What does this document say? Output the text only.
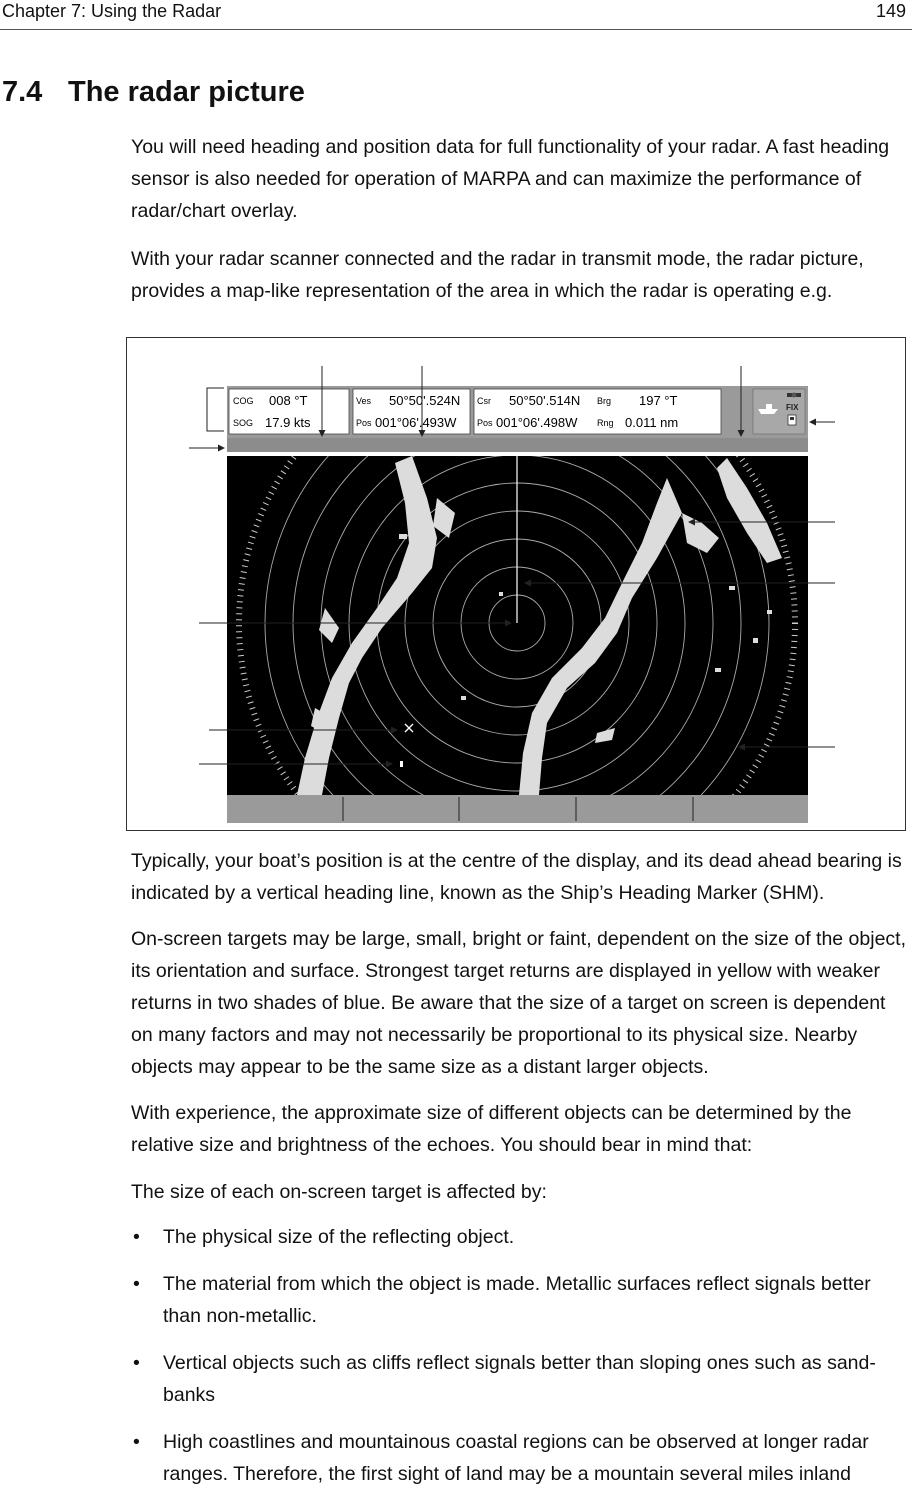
Chapter 7: Using the Radar	149
7.4 The radar picture

You will need heading and position data for full functionality of your radar. A fast heading sensor is also needed for operation of MARPA and can maximize the performance of radar/chart overlay.

With your radar scanner connected and the radar in transmit mode, the radar picture, provides a map-like representation of the area in which the radar is operating e.g.

COG 008 °T
SOG 17.9 kts
Ves 50°50'.524N
Pos 001°06'.493W
Csr 50°50'.514N Brg 197 °T
Pos 001°06'.498W Rng 0.011 nm
FIX

Typically, your boat’s position is at the centre of the display, and its dead ahead bearing is indicated by a vertical heading line, known as the Ship’s Heading Marker (SHM).

On-screen targets may be large, small, bright or faint, dependent on the size of the object, its orientation and surface. Strongest target returns are displayed in yellow with weaker returns in two shades of blue. Be aware that the size of a target on screen is dependent on many factors and may not necessarily be proportional to its physical size. Nearby objects may appear to be the same size as a distant larger objects.

With experience, the approximate size of different objects can be determined by the relative size and brightness of the echoes. You should bear in mind that:

The size of each on-screen target is affected by:

• The physical size of the reflecting object.
• The material from which the object is made. Metallic surfaces reflect signals better than non-metallic.
• Vertical objects such as cliffs reflect signals better than sloping ones such as sand-banks
• High coastlines and mountainous coastal regions can be observed at longer radar ranges. Therefore, the first sight of land may be a mountain several miles inland
